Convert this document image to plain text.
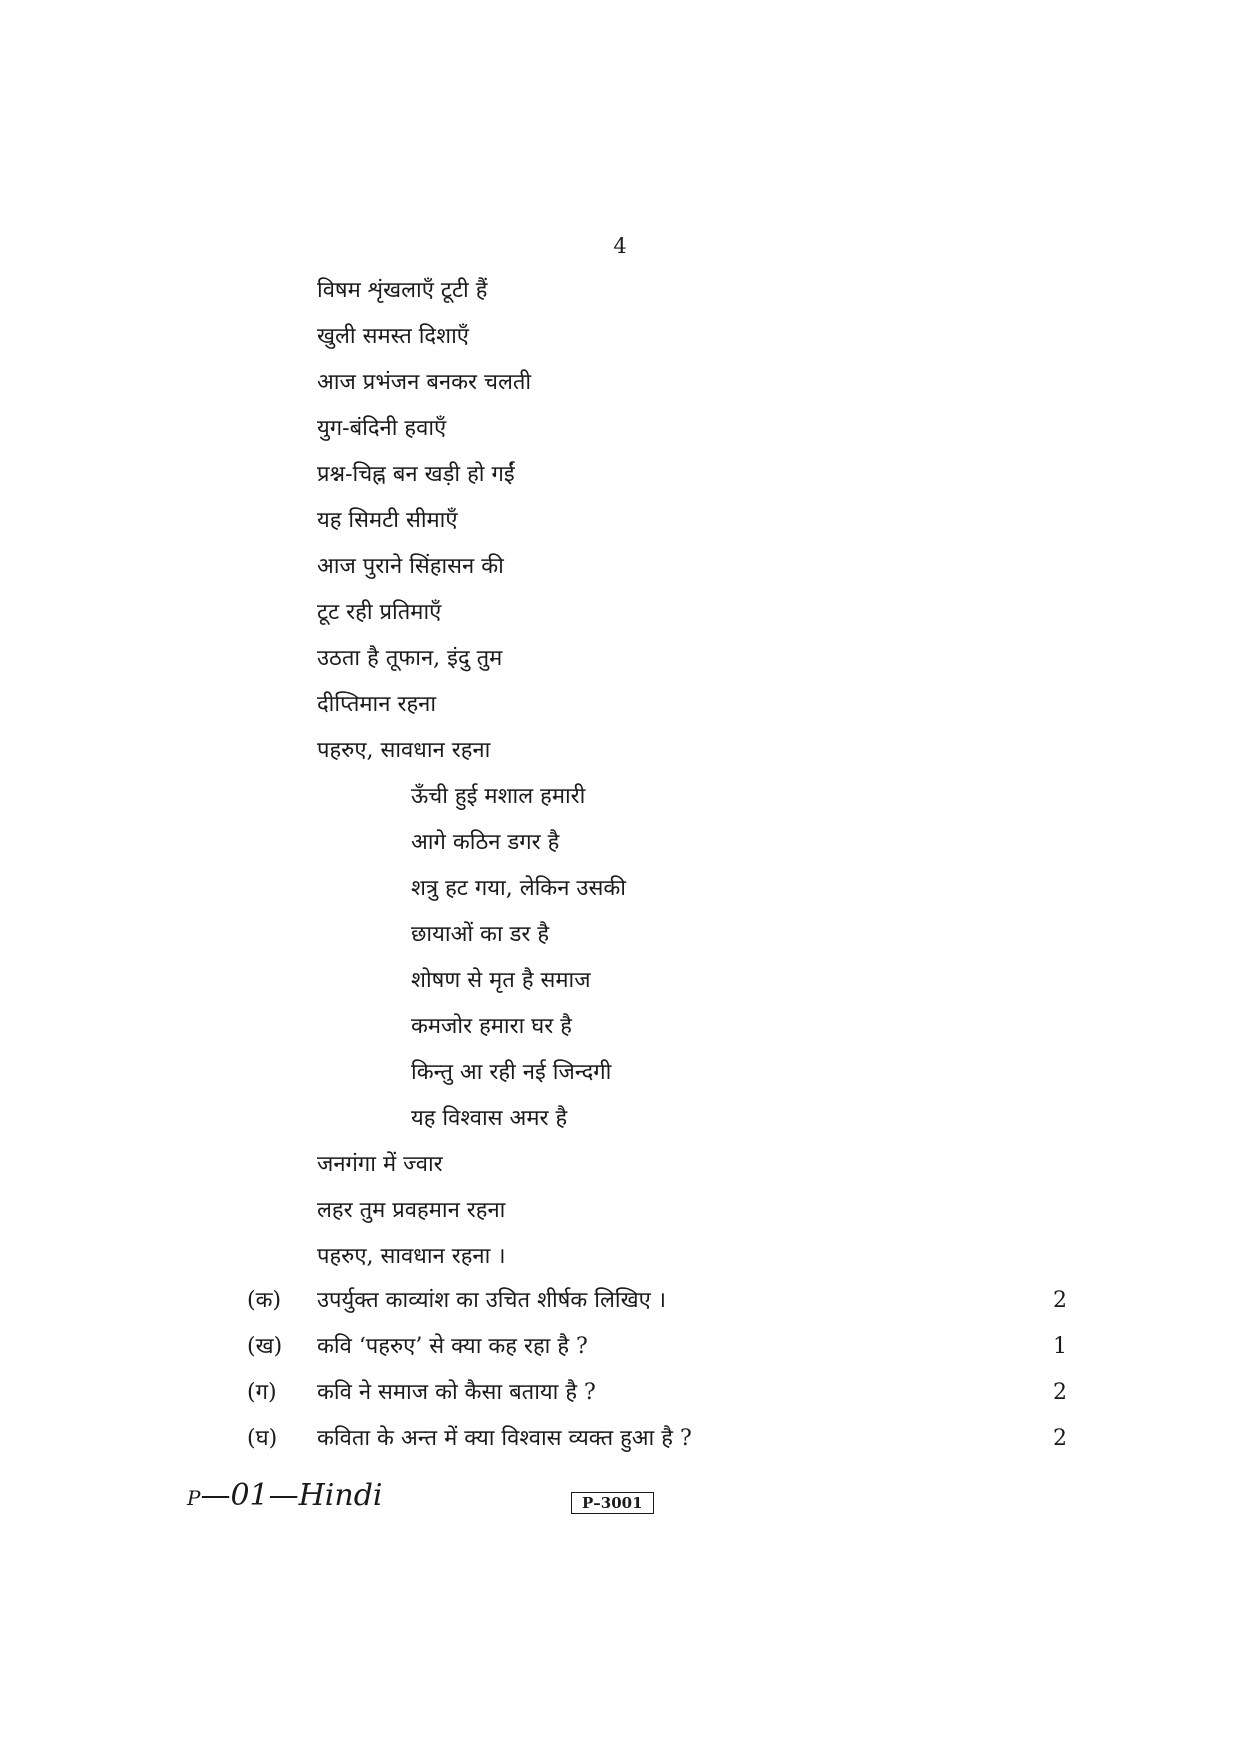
4
विषम शृंखलाएँ टूटी हैं
खुली समस्त दिशाएँ
आज प्रभंजन बनकर चलती
युग-बंदिनी हवाएँ
प्रश्न-चिह्न बन खड़ी हो गईं
यह सिमटी सीमाएँ
आज पुराने सिंहासन की
टूट रही प्रतिमाएँ
उठता है तूफान, इंदु तुम
दीप्तिमान रहना
पहरुए, सावधान रहना
ऊँची हुई मशाल हमारी
आगे कठिन डगर है
शत्रु हट गया, लेकिन उसकी
छायाओं का डर है
शोषण से मृत है समाज
कमजोर हमारा घर है
किन्तु आ रही नई जिन्दगी
यह विश्वास अमर है
जनगंगा में ज्वार
लहर तुम प्रवहमान रहना
पहरुए, सावधान रहना ।
(क) उपर्युक्त काव्यांश का उचित शीर्षक लिखिए ।	2
(ख) कवि ‘पहरुए’ से क्या कह रहा है ?	1
(ग) कवि ने समाज को कैसा बताया है ?	2
(घ) कविता के अन्त में क्या विश्वास व्यक्त हुआ है ?	2
P—01—Hindi	P–3001
